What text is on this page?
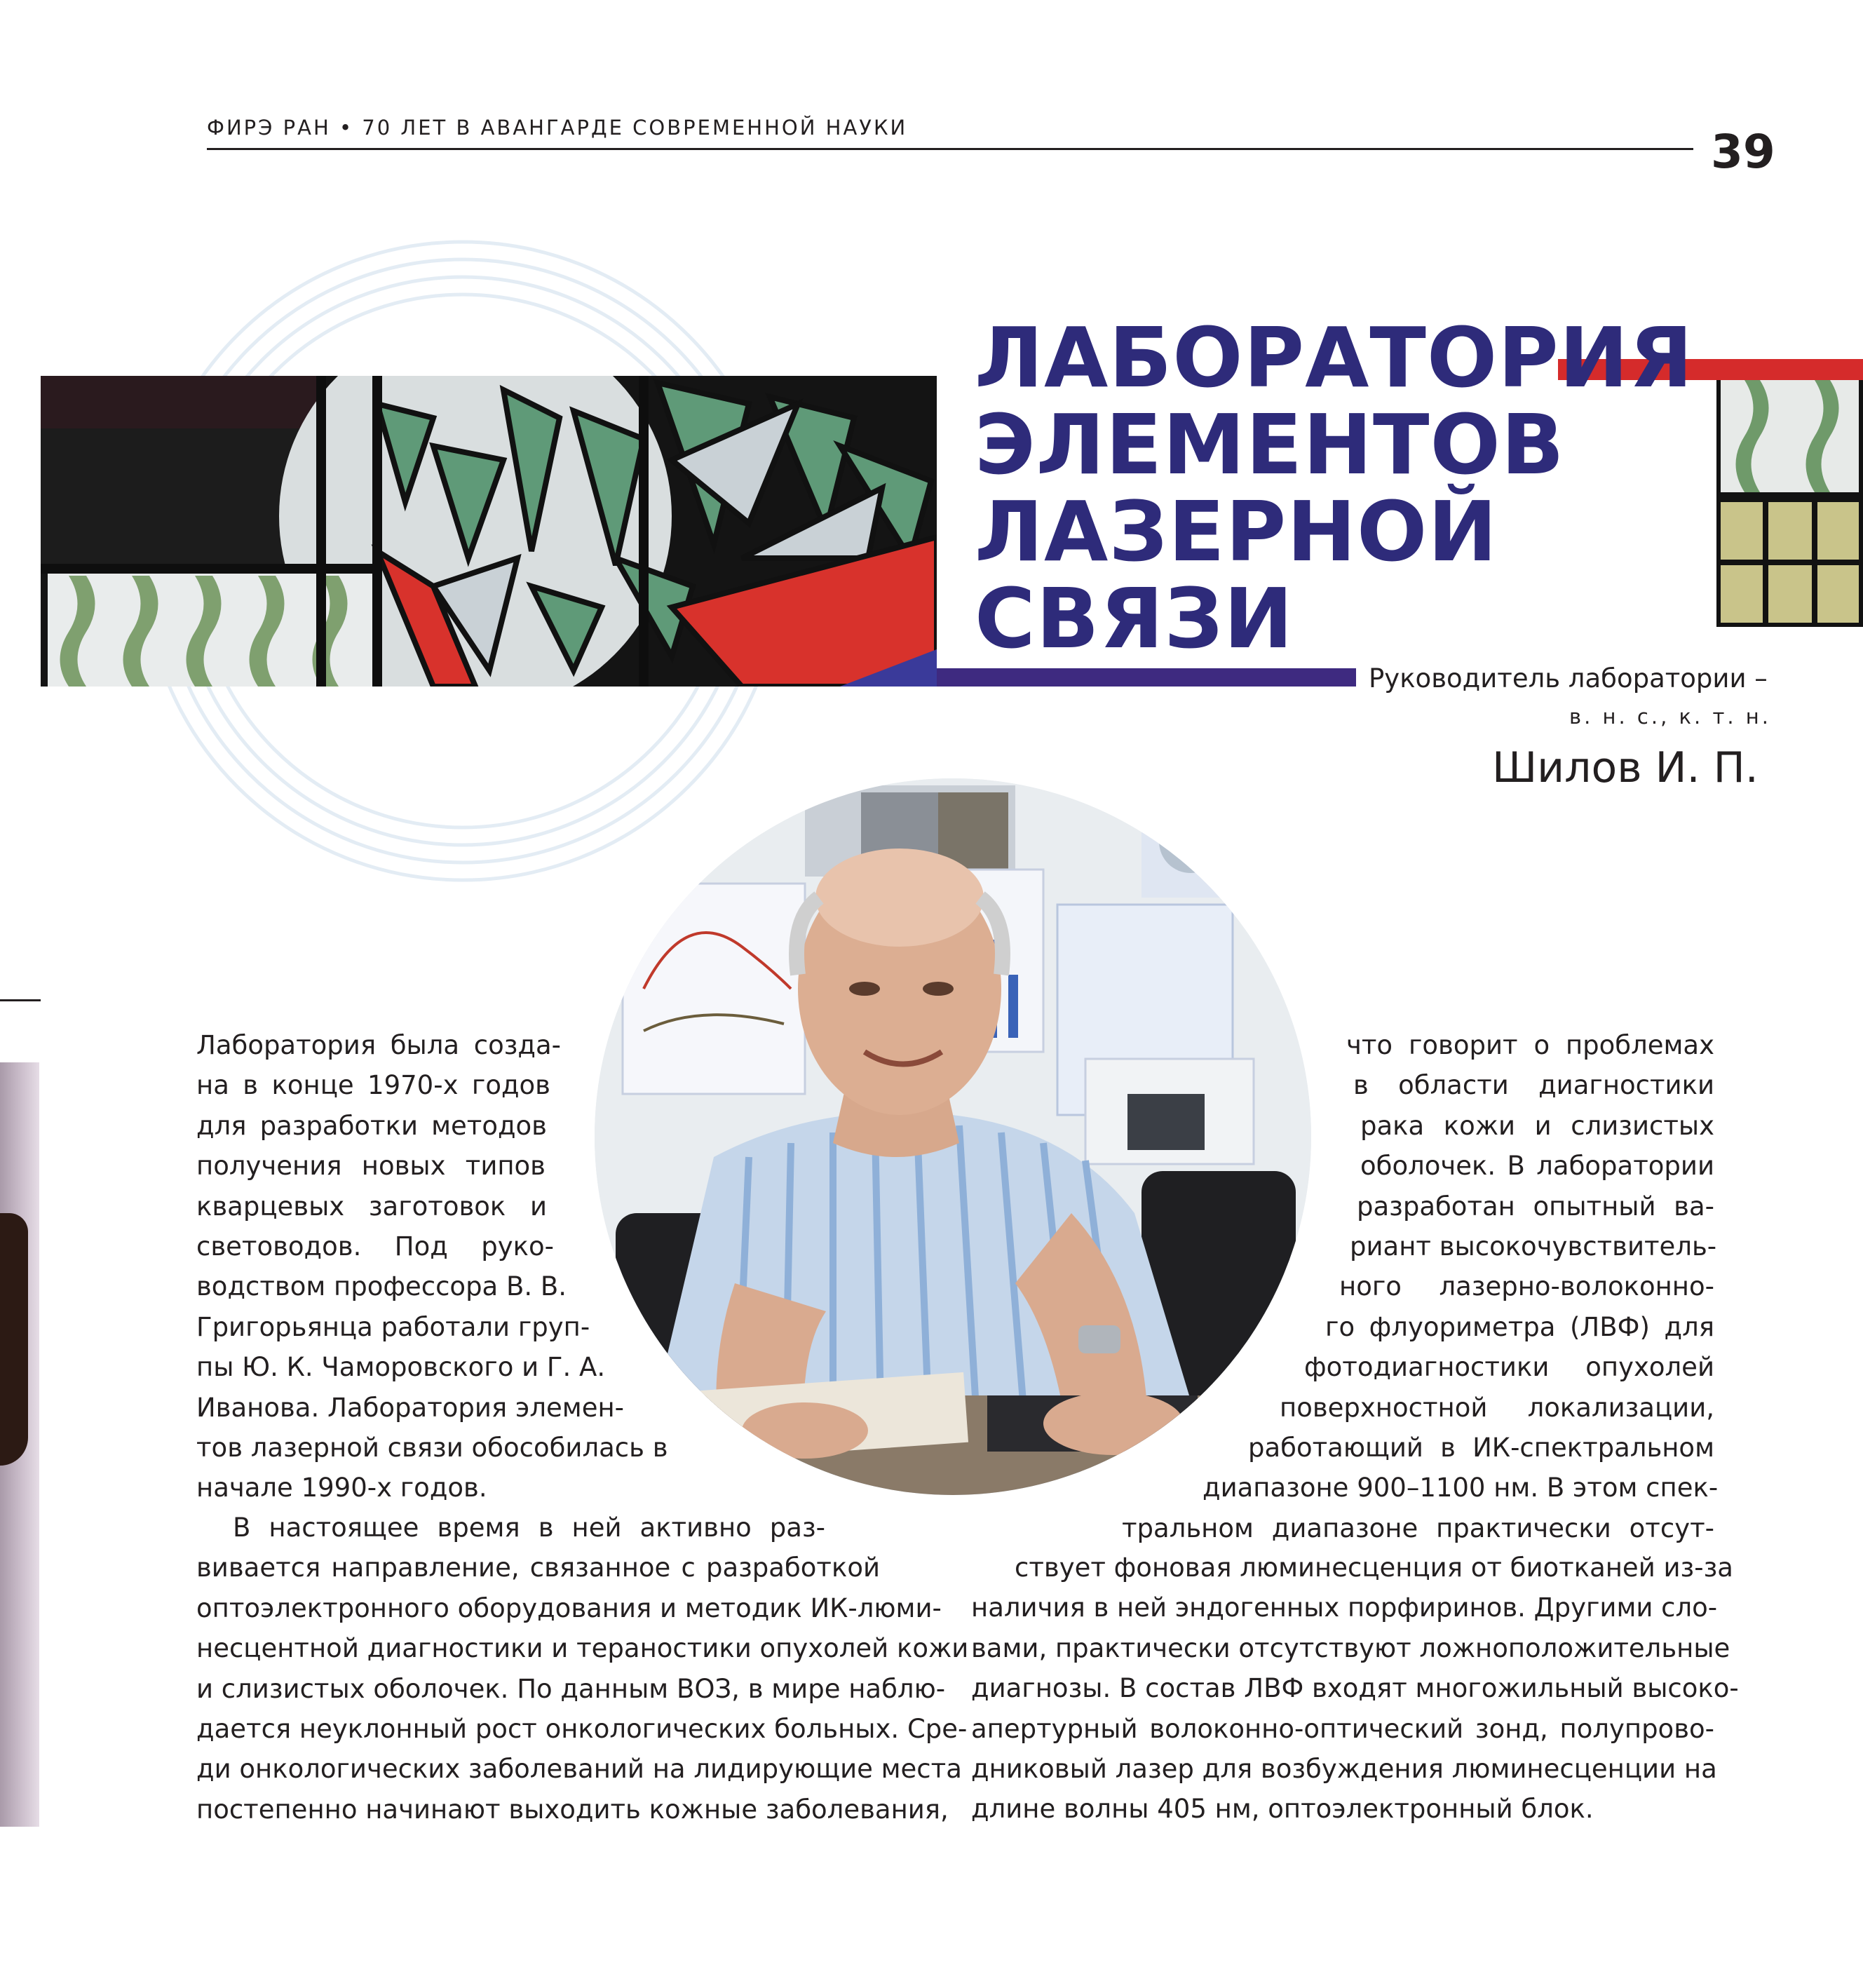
ФИРЭ РАН • 70 ЛЕТ В АВАНГАРДЕ СОВРЕМЕННОЙ НАУКИ	39
ЛАБОРАТОРИЯ
ЭЛЕМЕНТОВ
ЛАЗЕРНОЙ
СВЯЗИ
Руководитель лаборатории –
в. н. с., к. т. н.
Шилов И. П.
Лаборатория была созда-
на в конце 1970-х годов
для разработки методов
получения новых типов
кварцевых заготовок и
световодов. Под руко-
водством профессора В. В.
Григорьянца работали груп-
пы Ю. К. Чаморовского и Г. А.
Иванова. Лаборатория элемен-
тов лазерной связи обособилась в
начале 1990-х годов.
В настоящее время в ней активно раз-
вивается направление, связанное с разработкой
оптоэлектронного оборудования и методик ИК-люми-
несцентной диагностики и тераностики опухолей кожи
и слизистых оболочек. По данным ВОЗ, в мире наблю-
дается неуклонный рост онкологических больных. Сре-
ди онкологических заболеваний на лидирующие места
постепенно начинают выходить кожные заболевания,
что говорит о проблемах
в области диагностики
рака кожи и слизистых
оболочек. В лаборатории
разработан опытный ва-
риант высокочувствитель-
ного лазерно-волоконно-
го флуориметра (ЛВФ) для
фотодиагностики опухолей
поверхностной локализации,
работающий в ИК-спектральном
диапазоне 900–1100 нм. В этом спек-
тральном диапазоне практически отсут-
ствует фоновая люминесценция от биотканей из-за
наличия в ней эндогенных порфиринов. Другими сло-
вами, практически отсутствуют ложноположительные
диагнозы. В состав ЛВФ входят многожильный высоко-
апертурный волоконно-оптический зонд, полупрово-
дниковый лазер для возбуждения люминесценции на
длине волны 405 нм, оптоэлектронный блок.
